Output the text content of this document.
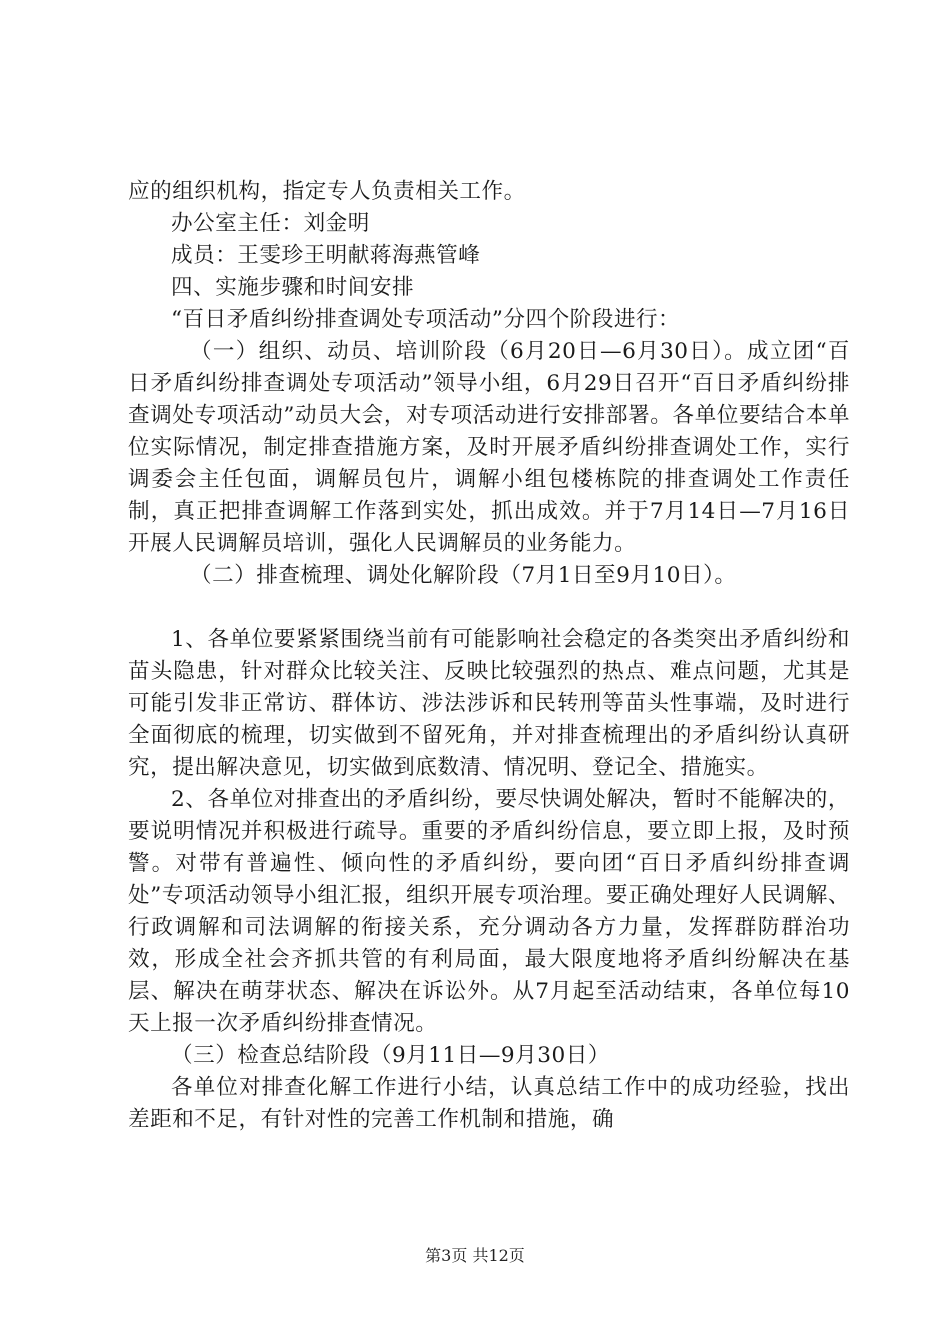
应的组织机构，指定专人负责相关工作。

办公室主任：刘金明

成员：王雯珍王明献蒋海燕管峰

四、实施步骤和时间安排

“百日矛盾纠纷排查调处专项活动”分四个阶段进行：

（一）组织、动员、培训阶段（6月20日—6月30日）。成立团“百日矛盾纠纷排查调处专项活动”领导小组，6月29日召开“百日矛盾纠纷排查调处专项活动”动员大会，对专项活动进行安排部署。各单位要结合本单位实际情况，制定排查措施方案，及时开展矛盾纠纷排查调处工作，实行调委会主任包面，调解员包片，调解小组包楼栋院的排查调处工作责任制，真正把排查调解工作落到实处，抓出成效。并于7月14日—7月16日开展人民调解员培训，强化人民调解员的业务能力。

（二）排查梳理、调处化解阶段（7月1日至9月10日）。

1、各单位要紧紧围绕当前有可能影响社会稳定的各类突出矛盾纠纷和苗头隐患，针对群众比较关注、反映比较强烈的热点、难点问题，尤其是可能引发非正常访、群体访、涉法涉诉和民转刑等苗头性事端，及时进行全面彻底的梳理，切实做到不留死角，并对排查梳理出的矛盾纠纷认真研究，提出解决意见，切实做到底数清、情况明、登记全、措施实。

2、各单位对排查出的矛盾纠纷，要尽快调处解决，暂时不能解决的，要说明情况并积极进行疏导。重要的矛盾纠纷信息，要立即上报，及时预警。对带有普遍性、倾向性的矛盾纠纷，要向团“百日矛盾纠纷排查调处”专项活动领导小组汇报，组织开展专项治理。要正确处理好人民调解、行政调解和司法调解的衔接关系，充分调动各方力量，发挥群防群治功效，形成全社会齐抓共管的有利局面，最大限度地将矛盾纠纷解决在基层、解决在萌芽状态、解决在诉讼外。从7月起至活动结束，各单位每10天上报一次矛盾纠纷排查情况。

（三）检查总结阶段（9月11日—9月30日）

各单位对排查化解工作进行小结，认真总结工作中的成功经验，找出差距和不足，有针对性的完善工作机制和措施，确

第3页 共12页
